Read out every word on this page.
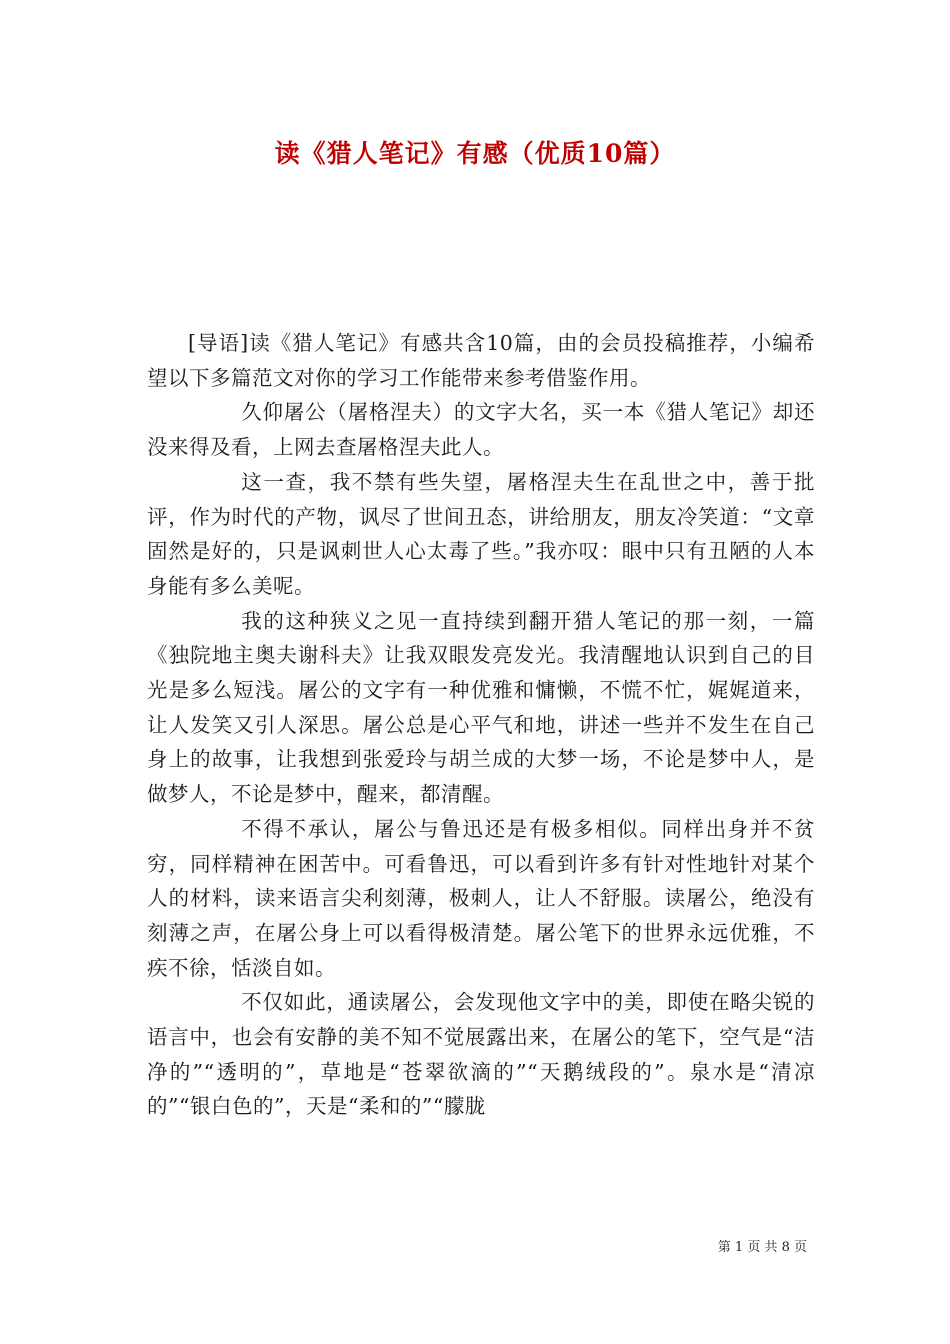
读《猎人笔记》有感（优质10篇）

[导语]读《猎人笔记》有感共含10篇，由的会员投稿推荐，小编希望以下多篇范文对你的学习工作能带来参考借鉴作用。

久仰屠公（屠格涅夫）的文字大名，买一本《猎人笔记》却还没来得及看，上网去查屠格涅夫此人。

这一查，我不禁有些失望，屠格涅夫生在乱世之中，善于批评，作为时代的产物，讽尽了世间丑态，讲给朋友，朋友冷笑道：“文章固然是好的，只是讽刺世人心太毒了些。”我亦叹：眼中只有丑陋的人本身能有多么美呢。

我的这种狭义之见一直持续到翻开猎人笔记的那一刻，一篇《独院地主奥夫谢科夫》让我双眼发亮发光。我清醒地认识到自己的目光是多么短浅。屠公的文字有一种优雅和慵懒，不慌不忙，娓娓道来，让人发笑又引人深思。屠公总是心平气和地，讲述一些并不发生在自己身上的故事，让我想到张爱玲与胡兰成的大梦一场，不论是梦中人，是做梦人，不论是梦中，醒来，都清醒。

不得不承认，屠公与鲁迅还是有极多相似。同样出身并不贫穷，同样精神在困苦中。可看鲁迅，可以看到许多有针对性地针对某个人的材料，读来语言尖利刻薄，极刺人，让人不舒服。读屠公，绝没有刻薄之声，在屠公身上可以看得极清楚。屠公笔下的世界永远优雅，不疾不徐，恬淡自如。

不仅如此，通读屠公，会发现他文字中的美，即使在略尖锐的语言中，也会有安静的美不知不觉展露出来，在屠公的笔下，空气是“洁净的”“透明的”，草地是“苍翠欲滴的”“天鹅绒段的”。泉水是“清凉的”“银白色的”，天是“柔和的”“朦胧

第 1 页 共 8 页
